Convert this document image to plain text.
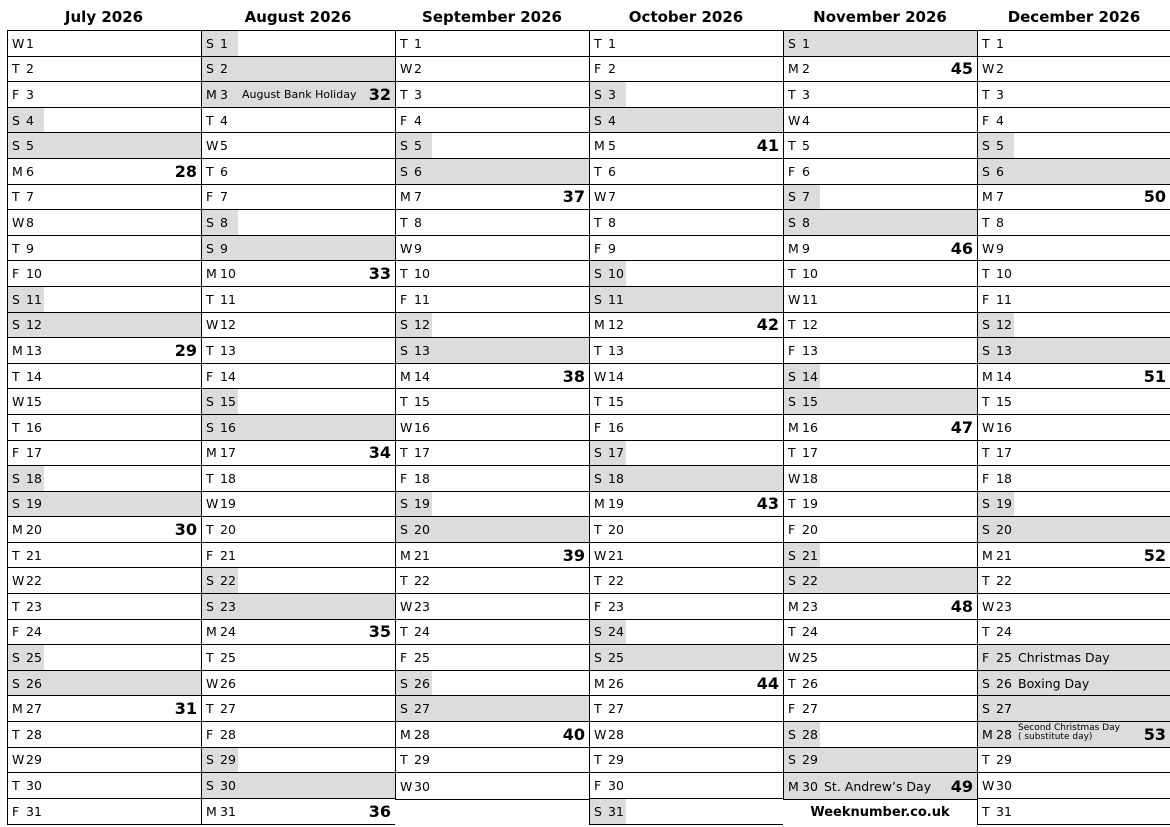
July 2026
W 1
T 2
F 3
S 4
S 5
M 6	28
T 7
W 8
T 9
F 10
S 11
S 12
M 13	29
T 14
W 15
T 16
F 17
S 18
S 19
M 20	30
T 21
W 22
T 23
F 24
S 25
S 26
M 27	31
T 28
W 29
T 30
F 31
August 2026
S 1
S 2
M 3 August Bank Holiday 32
T 4
W 5
T 6
F 7
S 8
S 9
M 10	33
T 11
W 12
T 13
F 14
S 15
S 16
M 17	34
T 18
W 19
T 20
F 21
S 22
S 23
M 24	35
T 25
W 26
T 27
F 28
S 29
S 30
M 31	36
September 2026
T 1
W 2
T 3
F 4
S 5
S 6
M 7	37
T 8
W 9
T 10
F 11
S 12
S 13
M 14	38
T 15
W 16
T 17
F 18
S 19
S 20
M 21	39
T 22
W 23
T 24
F 25
S 26
S 27
M 28	40
T 29
W 30
October 2026
T 1
F 2
S 3
S 4
M 5	41
T 6
W 7
T 8
F 9
S 10
S 11
M 12	42
T 13
W 14
T 15
F 16
S 17
S 18
M 19	43
T 20
W 21
T 22
F 23
S 24
S 25
M 26	44
T 27
W 28
T 29
F 30
S 31
November 2026
S 1
M 2	45
T 3
W 4
T 5
F 6
S 7
S 8
M 9	46
T 10
W 11
T 12
F 13
S 14
S 15
M 16	47
T 17
W 18
T 19
F 20
S 21
S 22
M 23	48
T 24
W 25
T 26
F 27
S 28
S 29
M 30 St. Andrew’s Day 49
Weeknumber.co.uk
December 2026
T 1
W 2
T 3
F 4
S 5
S 6
M 7	50
T 8
W 9
T 10
F 11
S 12
S 13
M 14	51
T 15
W 16
T 17
F 18
S 19
S 20
M 21	52
T 22
W 23
T 24
F 25 Christmas Day
S 26 Boxing Day
S 27
M 28 Second Christmas Day ( substitute day)	53
T 29
W 30
T 31
